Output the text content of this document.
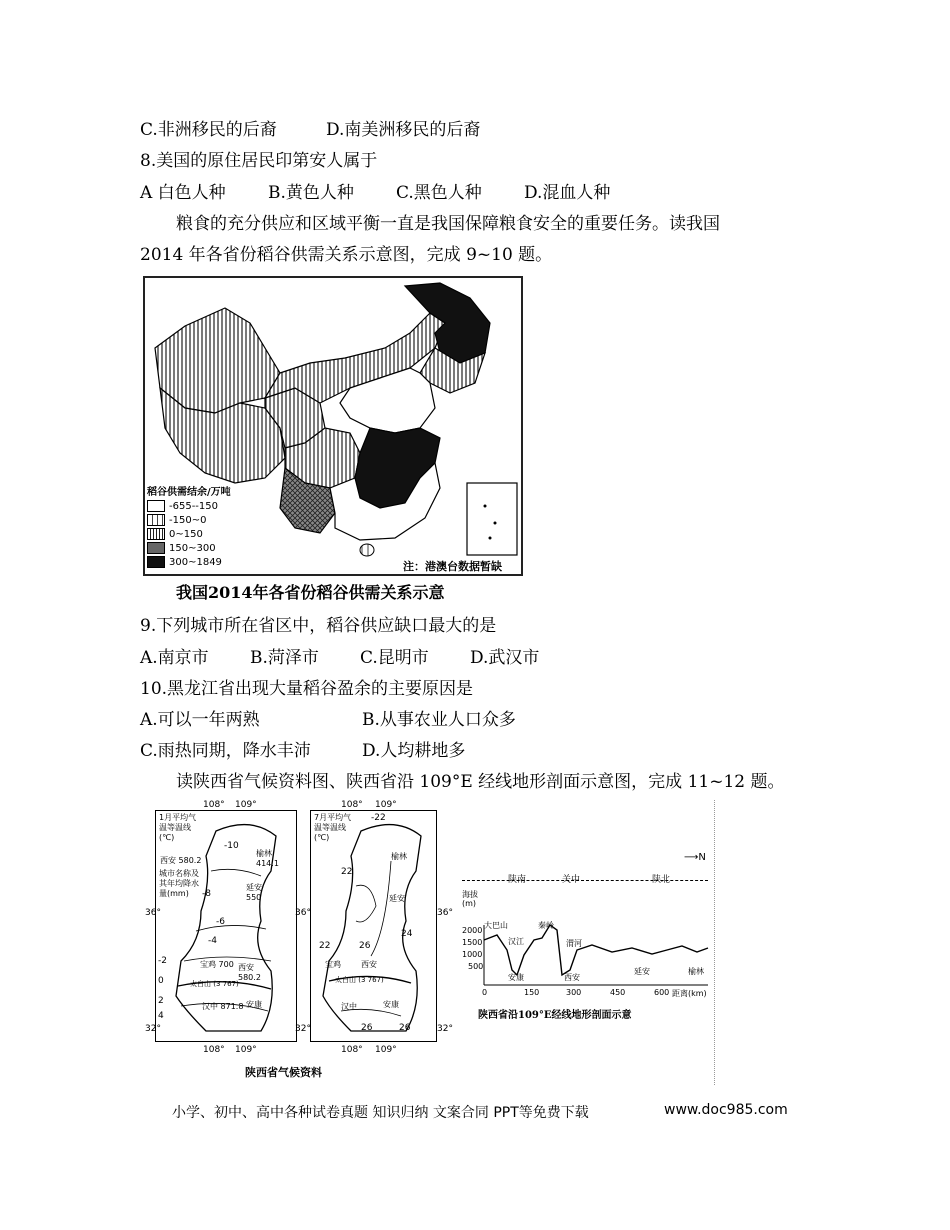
C.非洲移民的后裔	D.南美洲移民的后裔
8.美国的原住居民印第安人属于
A 白色人种 B.黄色人种 C.黑色人种 D.混血人种
粮食的充分供应和区域平衡一直是我国保障粮食安全的重要任务。读我国
2014 年各省份稻谷供需关系示意图，完成 9~10 题。
稻谷供需结余/万吨
-655--150
-150~0
0~150
150~300
300~1849	注：港澳台数据暂缺
我国2014年各省份稻谷供需关系示意
9.下列城市所在省区中，稻谷供应缺口最大的是
A.南京市 B.菏泽市 C.昆明市 D.武汉市
10.黑龙江省出现大量稻谷盈余的主要原因是
A.可以一年两熟	B.从事农业人口众多
C.雨热同期，降水丰沛	D.人均耕地多
读陕西省气候资料图、陕西省沿 109°E 经线地形剖面示意图，完成 11~12 题。
108° 109°
1月平均气温等温线(℃)
西安 580.2
城市名称及其年均降水量(mm)
-10
榆林 414.1
延安 550
-8
-6
-4
-2	宝鸡 700 西安 580.2
0	太白山 (3 767)
2
汉中 871.8 安康
4
36°
32°
108° 109°
108° 109°
7月平均气温等温线(℃)
-22
22
榆林
延安
24
26
22
宝鸡	西安
太白山 (3 767)
汉中	安康
26	26
36°
32°
36°
32°
108° 109°
陕西省气候资料
陕南	关中	陕北
⟶N
海拔(m)
2000
1500
1000
500
大巴山
汉江
秦岭
渭河
安康	西安
延安	榆林
0	150	300	450	600 距离(km)
陕西省沿109°E经线地形剖面示意
小学、初中、高中各种试卷真题 知识归纳 文案合同 PPT等免费下载	www.doc985.com
